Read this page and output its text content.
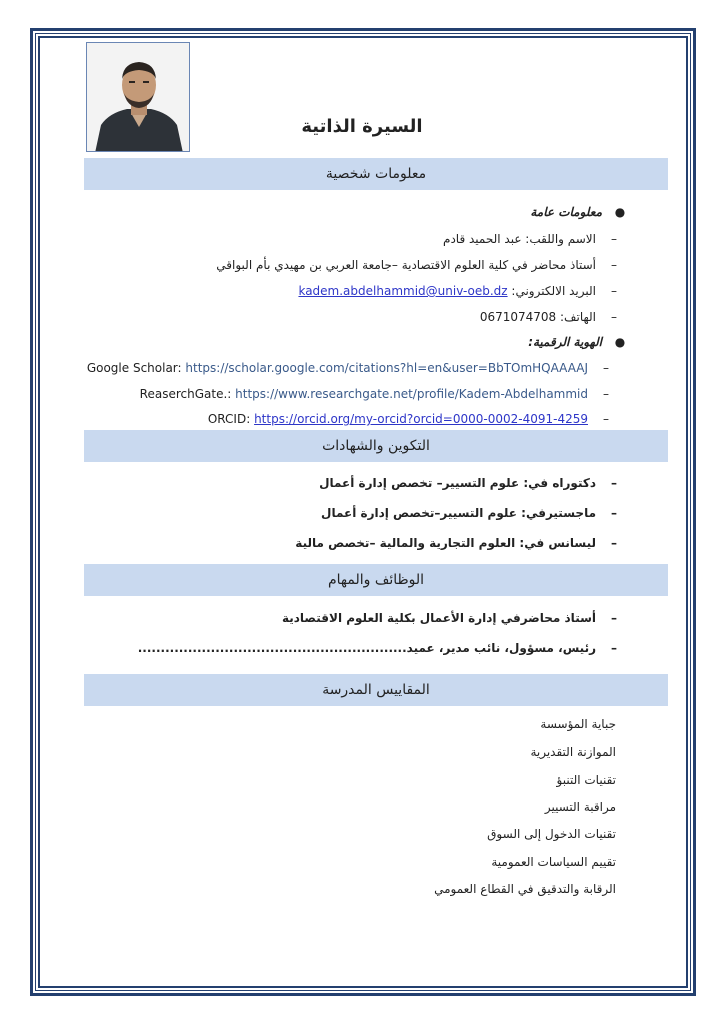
السيرة الذاتية
معلومات شخصية
●معلومات عامة
–الاسم واللقب: عبد الحميد قادم
–أستاذ محاضر في كلية العلوم الاقتصادية –جامعة العربي بن مهيدي بأم البواقي
–البريد الالكتروني: kadem.abdelhammid@univ-oeb.dz
–الهاتف: 0671074708
●الهوية الرقمية:
–Google Scholar: https://scholar.google.com/citations?hl=en&user=BbTOmHQAAAAJ
–ReaserchGate.: https://www.researchgate.net/profile/Kadem-Abdelhammid
–ORCID: https://orcid.org/my-orcid?orcid=0000-0002-4091-4259
التكوين والشهادات
–دكتوراه في: علوم التسيير– تخصص إدارة أعمال
–ماجستيرفي: علوم التسيير–تخصص إدارة أعمال
–ليسانس في: العلوم التجارية والمالية –تخصص مالية
الوظائف والمهام
–أستاذ محاضرفي إدارة الأعمال بكلية العلوم الاقتصادية
–رئيس، مسؤول، نائب مدير، عميد...........................................................
المقاييس المدرسة
جباية المؤسسة
الموازنة التقديرية
تقنيات التنبؤ
مراقبة التسيير
تقنيات الدخول إلى السوق
تقييم السياسات العمومية
الرقابة والتدقيق في القطاع العمومي
